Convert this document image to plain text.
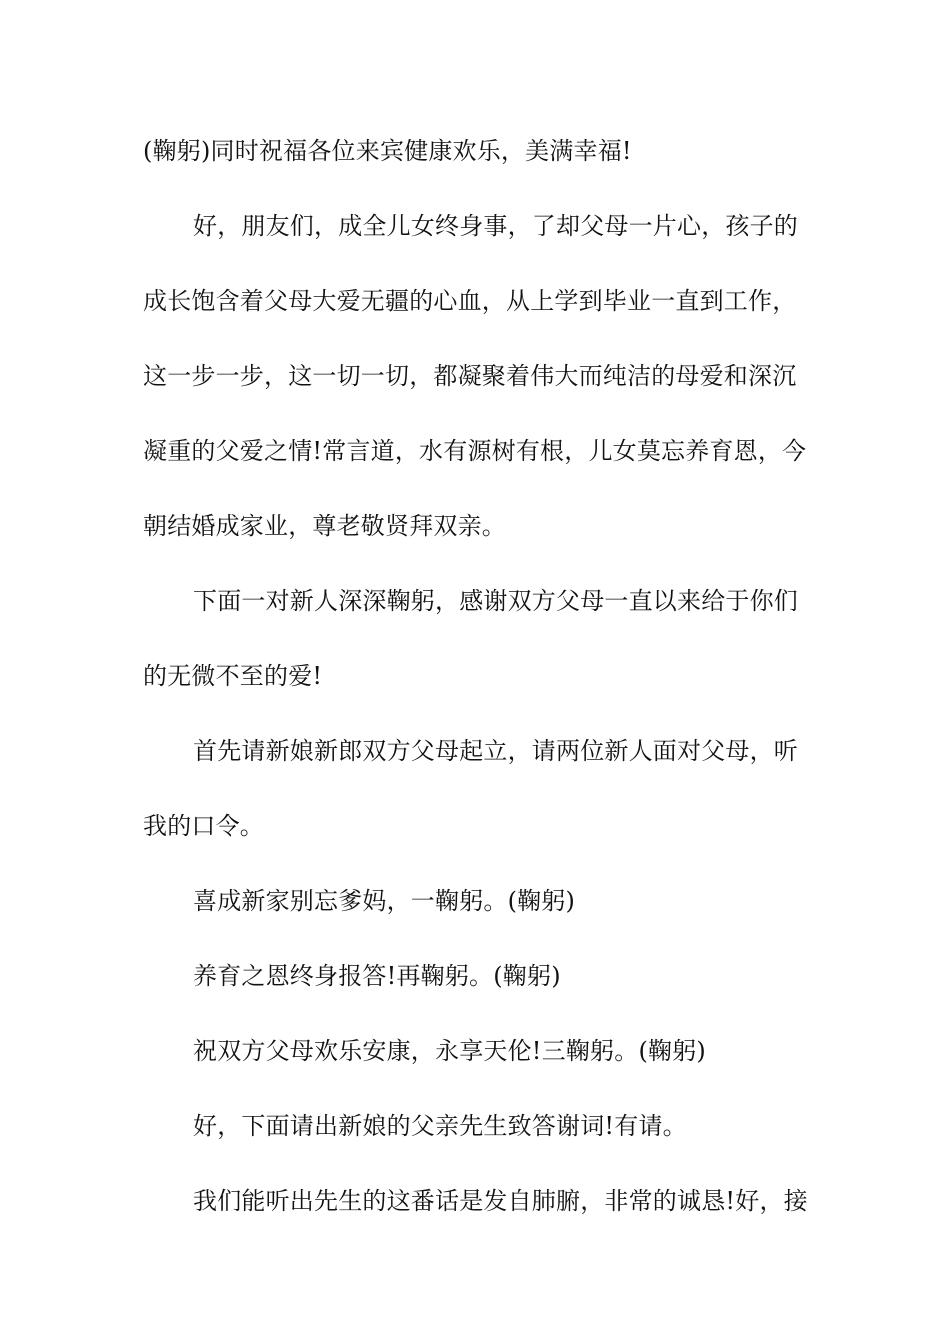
(鞠躬)同时祝福各位来宾健康欢乐，美满幸福!
好，朋友们，成全儿女终身事，了却父母一片心，孩子的
成长饱含着父母大爱无疆的心血，从上学到毕业一直到工作，
这一步一步，这一切一切，都凝聚着伟大而纯洁的母爱和深沉
凝重的父爱之情!常言道，水有源树有根，儿女莫忘养育恩，今
朝结婚成家业，尊老敬贤拜双亲。
下面一对新人深深鞠躬，感谢双方父母一直以来给于你们
的无微不至的爱!
首先请新娘新郎双方父母起立，请两位新人面对父母，听
我的口令。
喜成新家别忘爹妈，一鞠躬。(鞠躬)
养育之恩终身报答!再鞠躬。(鞠躬)
祝双方父母欢乐安康，永享天伦!三鞠躬。(鞠躬)
好，下面请出新娘的父亲先生致答谢词!有请。
我们能听出先生的这番话是发自肺腑，非常的诚恳!好，接
